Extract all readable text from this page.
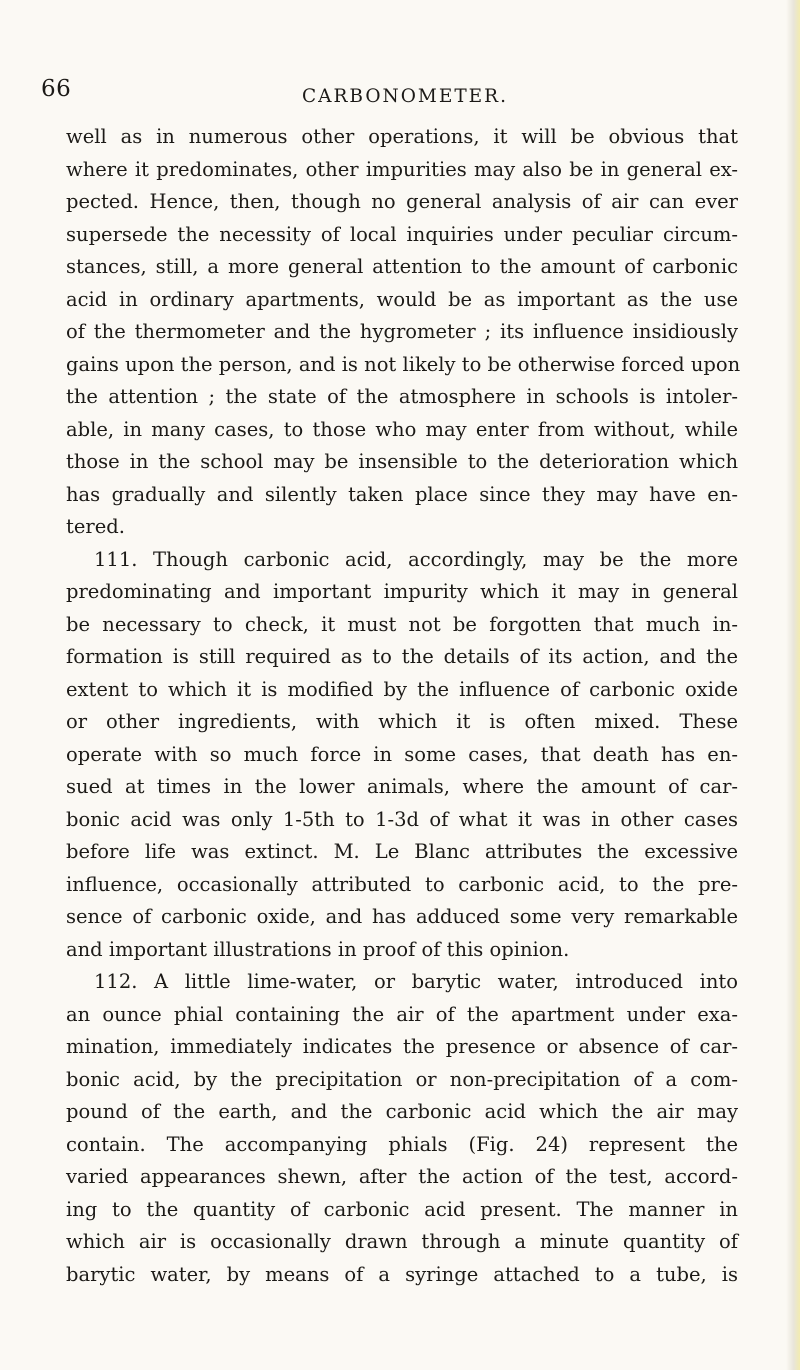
66	CARBONOMETER.
well as in numerous other operations, it will be obvious that
where it predominates, other impurities may also be in general ex-
pected. Hence, then, though no general analysis of air can ever
supersede the necessity of local inquiries under peculiar circum-
stances, still, a more general attention to the amount of carbonic
acid in ordinary apartments, would be as important as the use
of the thermometer and the hygrometer ; its influence insidiously
gains upon the person, and is not likely to be otherwise forced upon
the attention ; the state of the atmosphere in schools is intoler-
able, in many cases, to those who may enter from without, while
those in the school may be insensible to the deterioration which
has gradually and silently taken place since they may have en-
tered.
111. Though carbonic acid, accordingly, may be the more
predominating and important impurity which it may in general
be necessary to check, it must not be forgotten that much in-
formation is still required as to the details of its action, and the
extent to which it is modified by the influence of carbonic oxide
or other ingredients, with which it is often mixed. These
operate with so much force in some cases, that death has en-
sued at times in the lower animals, where the amount of car-
bonic acid was only 1-5th to 1-3d of what it was in other cases
before life was extinct. M. Le Blanc attributes the excessive
influence, occasionally attributed to carbonic acid, to the pre-
sence of carbonic oxide, and has adduced some very remarkable
and important illustrations in proof of this opinion.
112. A little lime-water, or barytic water, introduced into
an ounce phial containing the air of the apartment under exa-
mination, immediately indicates the presence or absence of car-
bonic acid, by the precipitation or non-precipitation of a com-
pound of the earth, and the carbonic acid which the air may
contain. The accompanying phials (Fig. 24) represent the
varied appearances shewn, after the action of the test, accord-
ing to the quantity of carbonic acid present. The manner in
which air is occasionally drawn through a minute quantity of
barytic water, by means of a syringe attached to a tube, is
